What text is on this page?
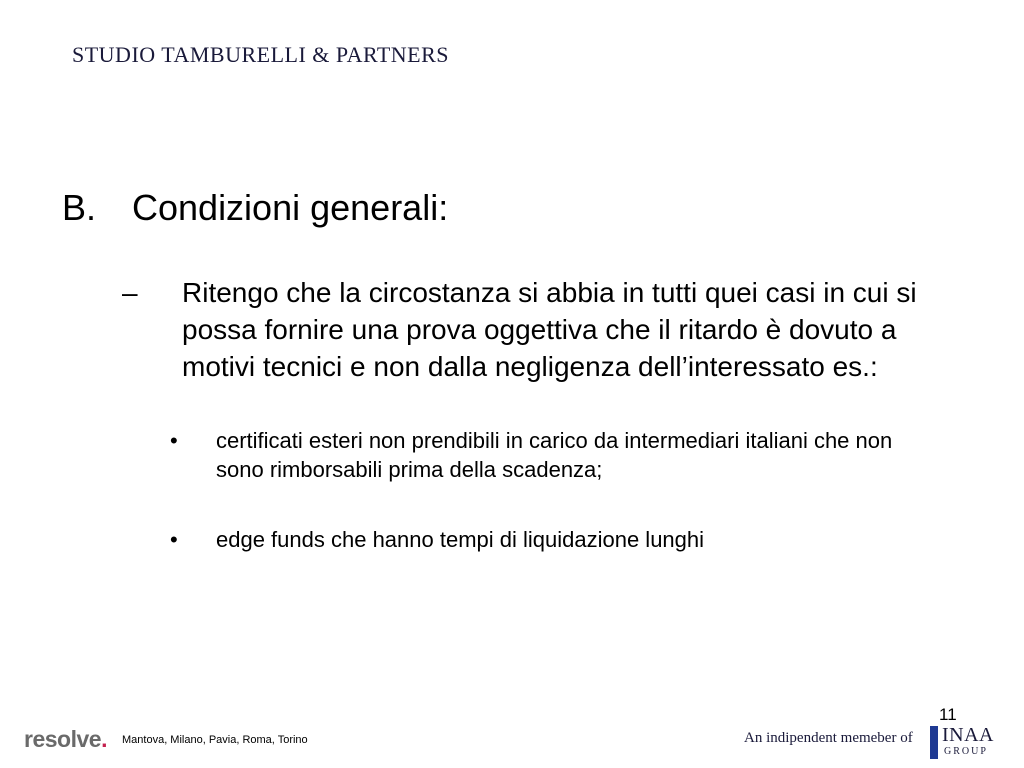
STUDIO TAMBURELLI & PARTNERS
B. Condizioni generali:
–	Ritengo che la circostanza si abbia in tutti quei casi in cui si possa fornire una prova oggettiva che il ritardo è dovuto a motivi tecnici e non dalla negligenza dell’interessato es.:
•	certificati esteri non prendibili in carico da intermediari italiani che non sono rimborsabili prima della scadenza;
•	edge funds che hanno tempi di liquidazione lunghi
11
resolve. Mantova, Milano, Pavia, Roma, Torino	An indipendent memeber of INAA
GROUP
